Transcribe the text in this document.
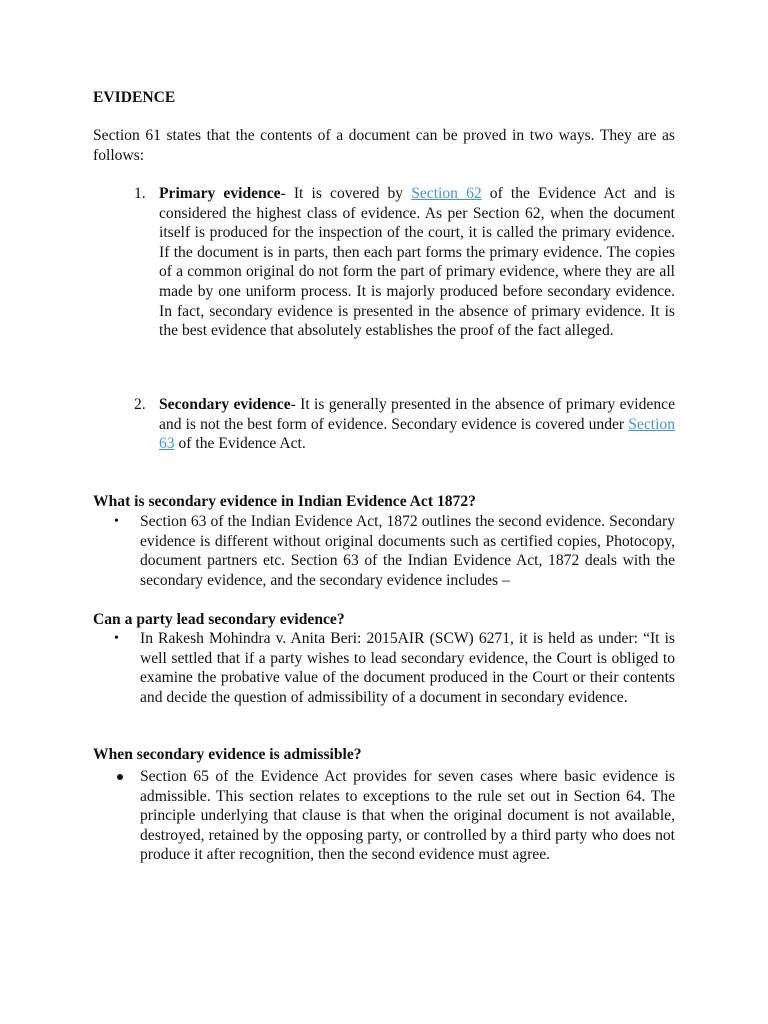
EVIDENCE

Section 61 states that the contents of a document can be proved in two ways. They are as follows:

1. Primary evidence- It is covered by Section 62 of the Evidence Act and is considered the highest class of evidence. As per Section 62, when the document itself is produced for the inspection of the court, it is called the primary evidence. If the document is in parts, then each part forms the primary evidence. The copies of a common original do not form the part of primary evidence, where they are all made by one uniform process. It is majorly produced before secondary evidence. In fact, secondary evidence is presented in the absence of primary evidence. It is the best evidence that absolutely establishes the proof of the fact alleged.
2. Secondary evidence- It is generally presented in the absence of primary evidence and is not the best form of evidence. Secondary evidence is covered under Section 63 of the Evidence Act.
What is secondary evidence in Indian Evidence Act 1872?
• Section 63 of the Indian Evidence Act, 1872 outlines the second evidence. Secondary evidence is different without original documents such as certified copies, Photocopy, document partners etc. Section 63 of the Indian Evidence Act, 1872 deals with the secondary evidence, and the secondary evidence includes –
Can a party lead secondary evidence?
• In Rakesh Mohindra v. Anita Beri: 2015AIR (SCW) 6271, it is held as under: “It is well settled that if a party wishes to lead secondary evidence, the Court is obliged to examine the probative value of the document produced in the Court or their contents and decide the question of admissibility of a document in secondary evidence.
When secondary evidence is admissible?
Section 65 of the Evidence Act provides for seven cases where basic evidence is admissible. This section relates to exceptions to the rule set out in Section 64. The principle underlying that clause is that when the original document is not available, destroyed, retained by the opposing party, or controlled by a third party who does not produce it after recognition, then the second evidence must agree.
